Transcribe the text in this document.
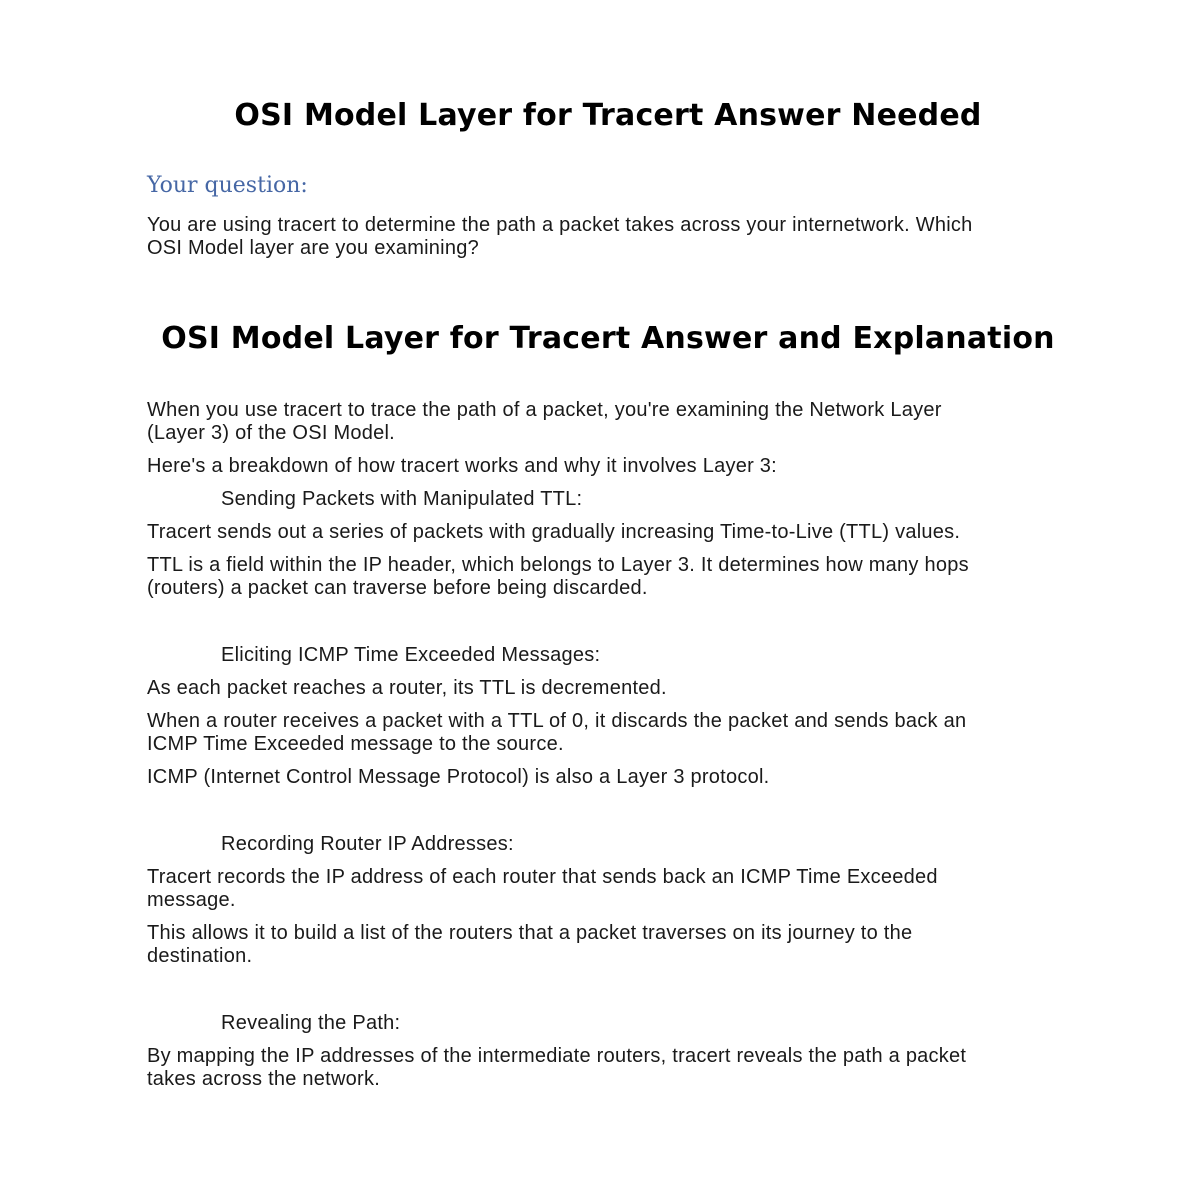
OSI Model Layer for Tracert Answer Needed
Your question:

You are using tracert to determine the path a packet takes across your internetwork. Which
OSI Model layer are you examining?

OSI Model Layer for Tracert Answer and Explanation

When you use tracert to trace the path of a packet, you're examining the Network Layer
(Layer 3) of the OSI Model.

Here's a breakdown of how tracert works and why it involves Layer 3:

Sending Packets with Manipulated TTL:

Tracert sends out a series of packets with gradually increasing Time-to-Live (TTL) values.

TTL is a field within the IP header, which belongs to Layer 3. It determines how many hops
(routers) a packet can traverse before being discarded.

Eliciting ICMP Time Exceeded Messages:

As each packet reaches a router, its TTL is decremented.

When a router receives a packet with a TTL of 0, it discards the packet and sends back an
ICMP Time Exceeded message to the source.

ICMP (Internet Control Message Protocol) is also a Layer 3 protocol.

Recording Router IP Addresses:

Tracert records the IP address of each router that sends back an ICMP Time Exceeded
message.

This allows it to build a list of the routers that a packet traverses on its journey to the
destination.

Revealing the Path:

By mapping the IP addresses of the intermediate routers, tracert reveals the path a packet
takes across the network.
